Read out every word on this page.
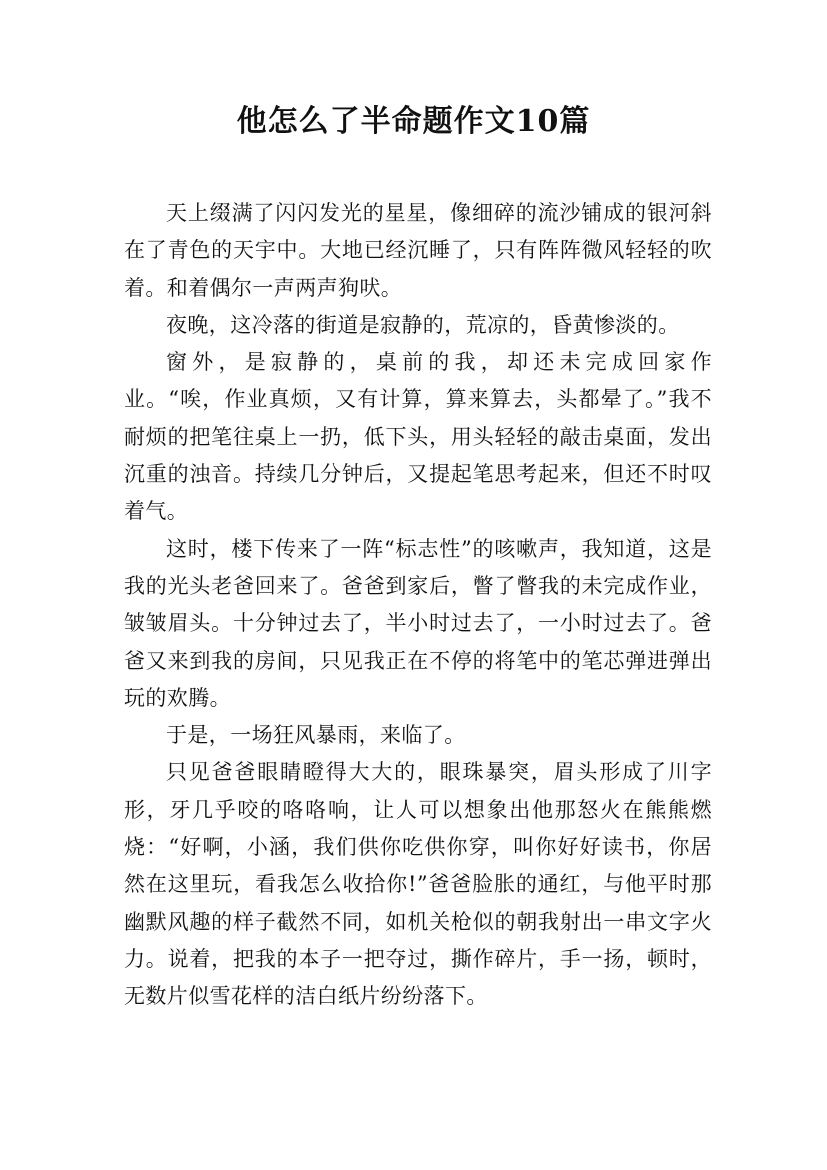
他怎么了半命题作文10篇

天上缀满了闪闪发光的星星，像细碎的流沙铺成的银河斜在了青色的天宇中。大地已经沉睡了，只有阵阵微风轻轻的吹着。和着偶尔一声两声狗吠。

夜晚，这冷落的街道是寂静的，荒凉的，昏黄惨淡的。

窗外，是寂静的，桌前的我，却还未完成回家作业。“唉，作业真烦，又有计算，算来算去，头都晕了。”我不耐烦的把笔往桌上一扔，低下头，用头轻轻的敲击桌面，发出沉重的浊音。持续几分钟后，又提起笔思考起来，但还不时叹着气。

这时，楼下传来了一阵“标志性”的咳嗽声，我知道，这是我的光头老爸回来了。爸爸到家后，瞥了瞥我的未完成作业，皱皱眉头。十分钟过去了，半小时过去了，一小时过去了。爸爸又来到我的房间，只见我正在不停的将笔中的笔芯弹进弹出玩的欢腾。

于是，一场狂风暴雨，来临了。

只见爸爸眼睛瞪得大大的，眼珠暴突，眉头形成了川字形，牙几乎咬的咯咯响，让人可以想象出他那怒火在熊熊燃烧：“好啊，小涵，我们供你吃供你穿，叫你好好读书，你居然在这里玩，看我怎么收拾你!”爸爸脸胀的通红，与他平时那幽默风趣的样子截然不同，如机关枪似的朝我射出一串文字火力。说着，把我的本子一把夺过，撕作碎片，手一扬，顿时，无数片似雪花样的洁白纸片纷纷落下。
